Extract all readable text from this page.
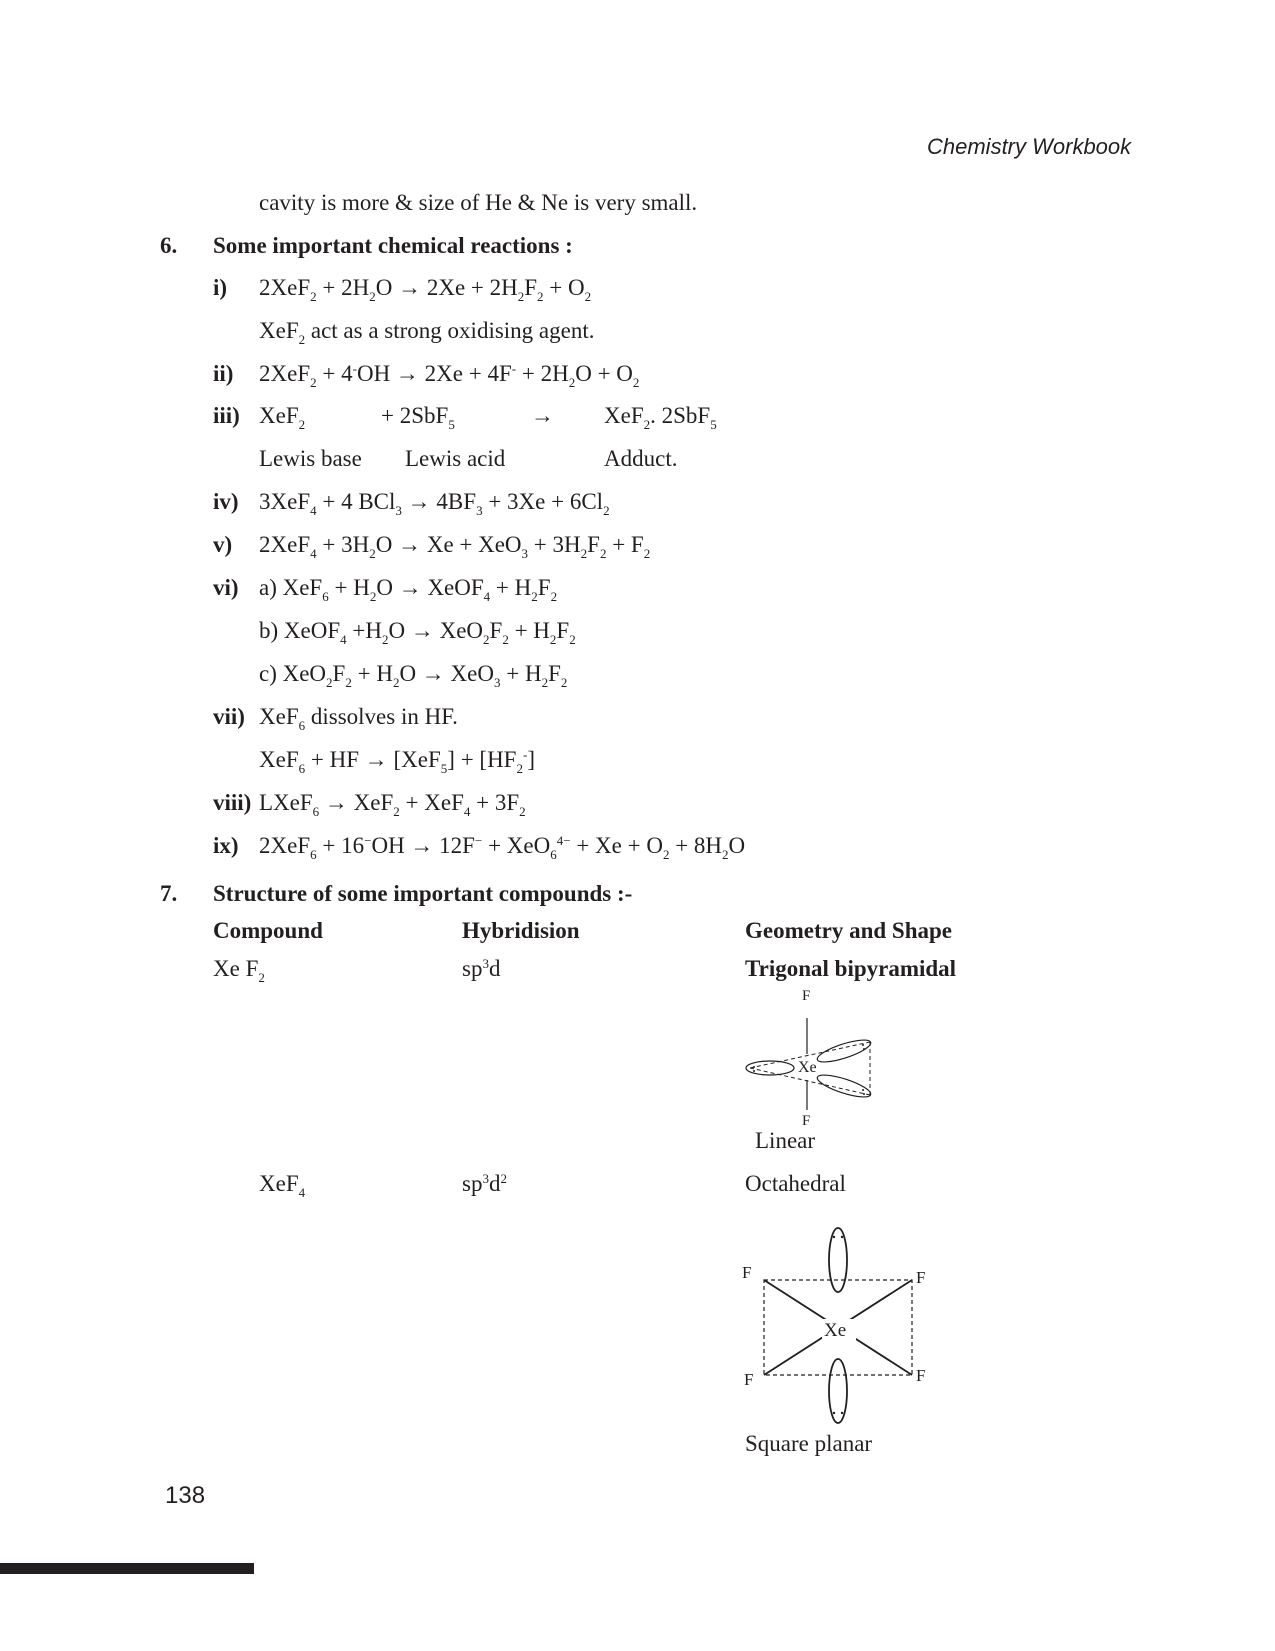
Chemistry Workbook
cavity is more & size of He & Ne is very small.
6. Some important chemical reactions :
i) $2XeF_2 + 2H_2O \to 2Xe + 2H_2F_2 + O_2$
XeF$_2$ act as a strong oxidising agent.
ii) $2XeF_2 + 4^-OH \to 2Xe + 4F^- + 2H_2O + O_2$
iii) XeF$_2$	+ 2SbF$_5$	→ XeF$_2$. 2SbF$_5$
Lewis base Lewis acid	Adduct.
iv) 3XeF$_4$ + 4 $BCl_3 \to 4BF_3 + 3Xe + 6Cl_2$
v) $2XeF_4 + 3H_2O \to Xe + XeO_3 + 3H_2F_2 + F_2$
vi) a) $XeF_6 + H_2O$ → XeOF$_4$ + $H_2F_2$
b) XeOF$_4$ $+H_2O \to XeO_2F_2 + H_2F_2$
c) $XeO_2F_2 + H_2O \to XeO_3 + H_2F_2$
vii) XeF$_6$ dissolves in HF.
XeF$_6$ + HF → $[XeF_5] + [HF_2^-]$
viii) LXeF$_6$ → $XeF_2 + XeF_4 + 3F_2$
ix) $2XeF_6 + 16^-OH \to 12F^- + XeO_6^{4-} + Xe + O_2 + 8H_2O$
7. Structure of some important compounds :-
Compound	Hybridision	Geometry and Shape
Xe $F_2$	$sp^3d$	Trigonal bipyramidal
F
F
Xe
Linear
XeF$_4$	$sp^3d^2$	Octahedral
Xe
F	F
F	F
Square planar
138
